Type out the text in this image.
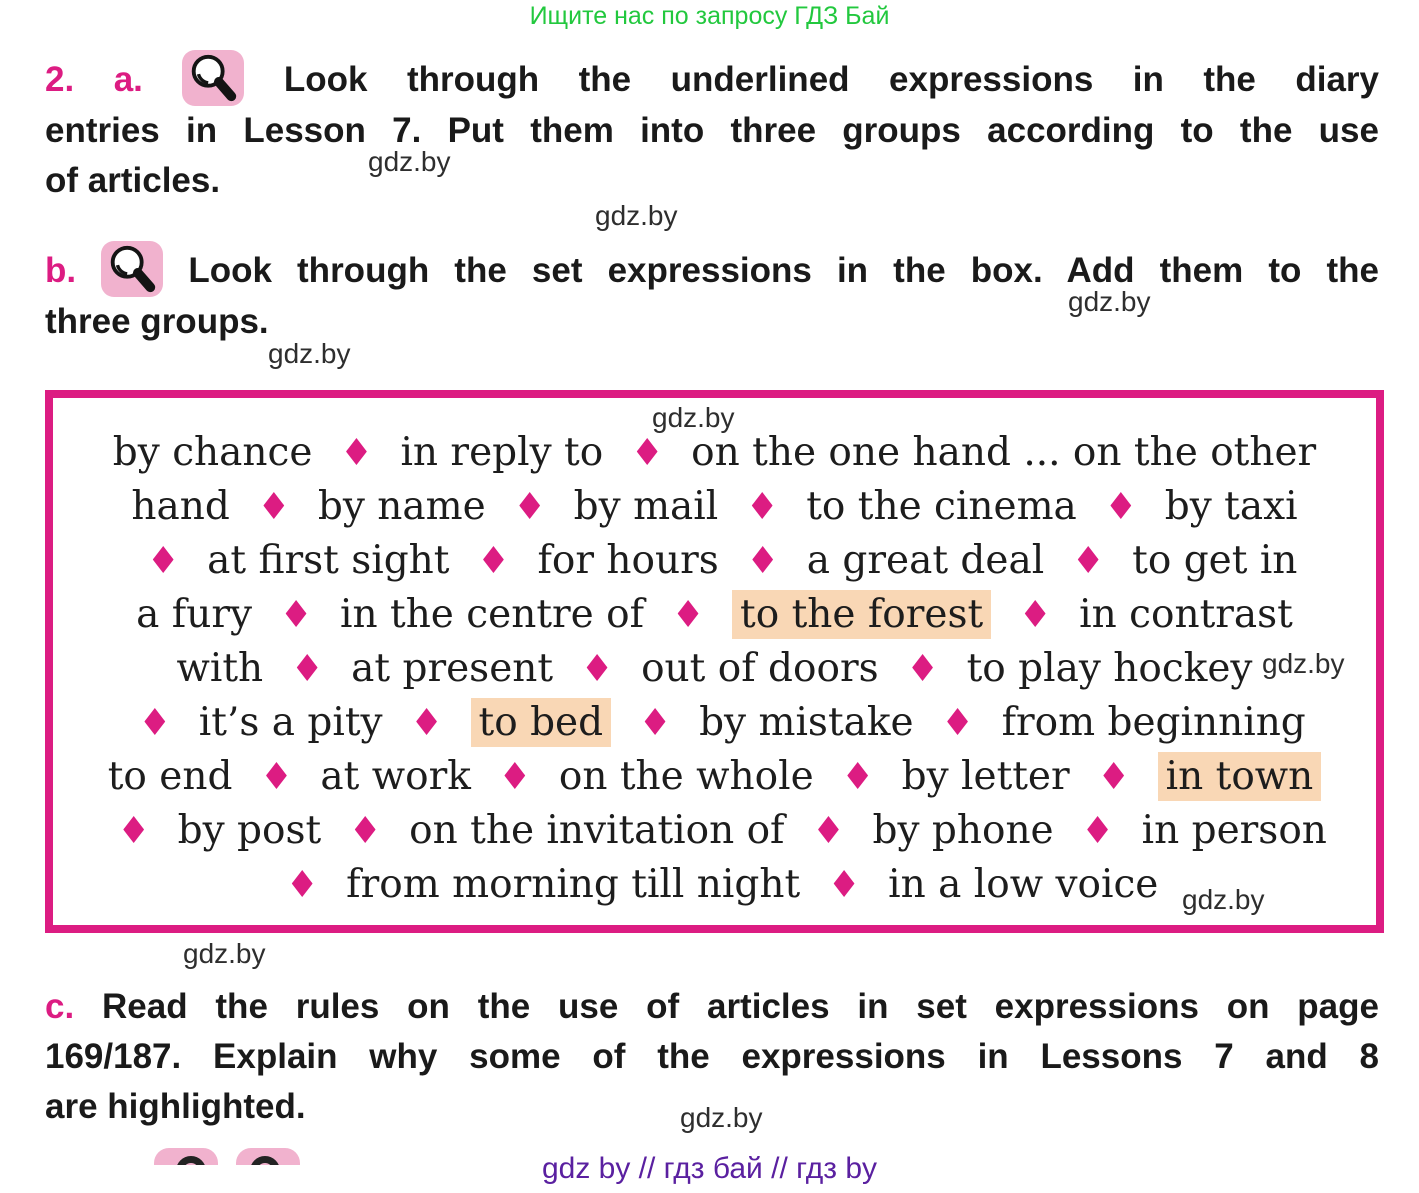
Ищите нас по запросу ГДЗ Бай
2. a.	Look through the underlined expressions in the diary
entries in Lesson 7. Put them into three groups according to the use
of articles.
b.	Look through the set expressions in the box. Add them to the
three groups.
by chance ♦ in reply to ♦ on the one hand ... on the other
hand ♦ by name ♦ by mail ♦ to the cinema ♦ by taxi
♦ at first sight ♦ for hours ♦ a great deal ♦ to get in
a fury ♦ in the centre of ♦ to the forest ♦ in contrast
with ♦ at present ♦ out of doors ♦ to play hockey
♦ it’s a pity ♦ to bed ♦ by mistake ♦ from beginning
to end ♦ at work ♦ on the whole ♦ by letter ♦ in town
♦ by post ♦ on the invitation of ♦ by phone ♦ in person
♦ from morning till night ♦ in a low voice
c. Read the rules on the use of articles in set expressions on page
169/187. Explain why some of the expressions in Lessons 7 and 8
are highlighted.
gdz.by
gdz.by
gdz.by
gdz.by
gdz.by
gdz.by
gdz.by
gdz.by
gdz.by
gdz by // гдз бай // гдз by
